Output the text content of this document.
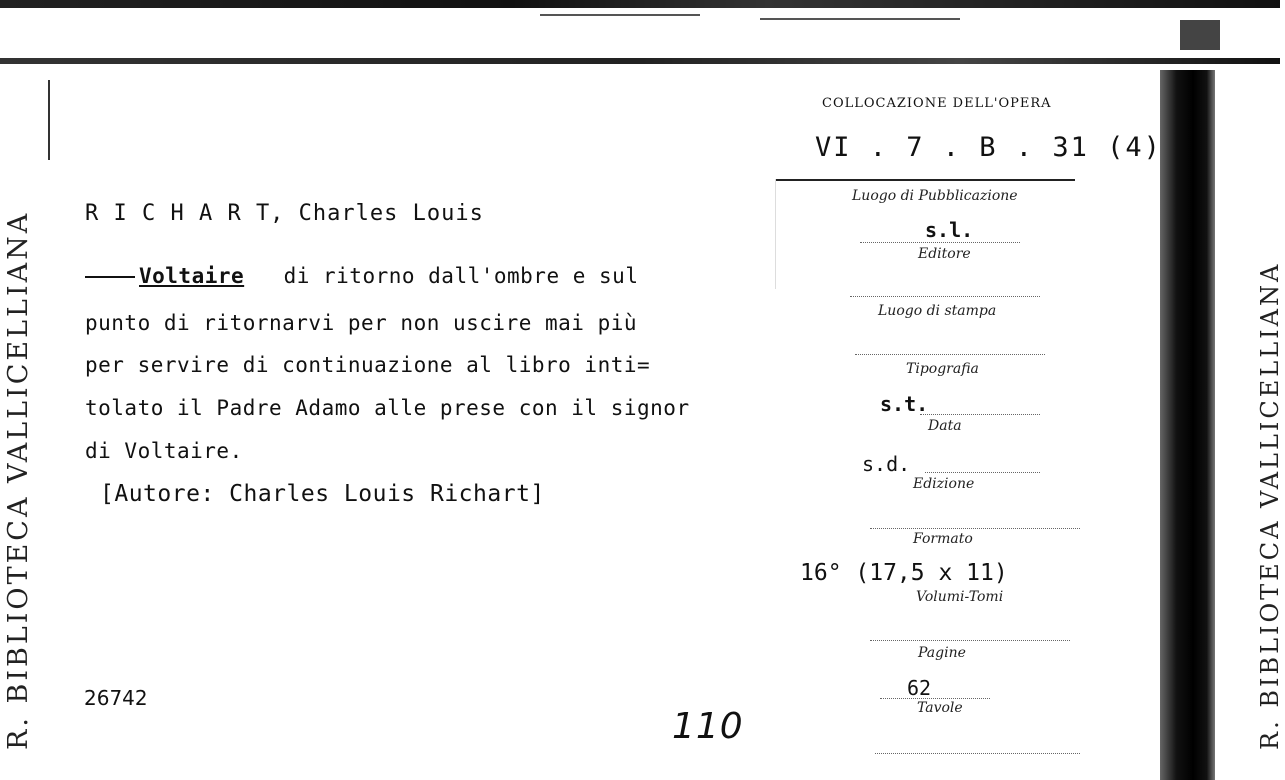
R. BIBLIOTECA VALLICELLIANA	R. BIBLIOTECA VALLICELLIANA
R I C H A R T, Charles Louis
Voltaire di ritorno dall'ombre e sul
punto di ritornarvi per non uscire mai più
per servire di continuazione al libro inti=
tolato il Padre Adamo alle prese con il signor
di Voltaire.
[Autore: Charles Louis Richart]
26742
110
COLLOCAZIONE DELL'OPERA
VI . 7 . B . 31 (4)
Luogo di Pubblicazione
s.l.
Editore
Luogo di stampa
Tipografia
s.t.
Data
s.d.
Edizione
Formato
16° (17,5 x 11)
Volumi-Tomi
Pagine
62
Tavole
